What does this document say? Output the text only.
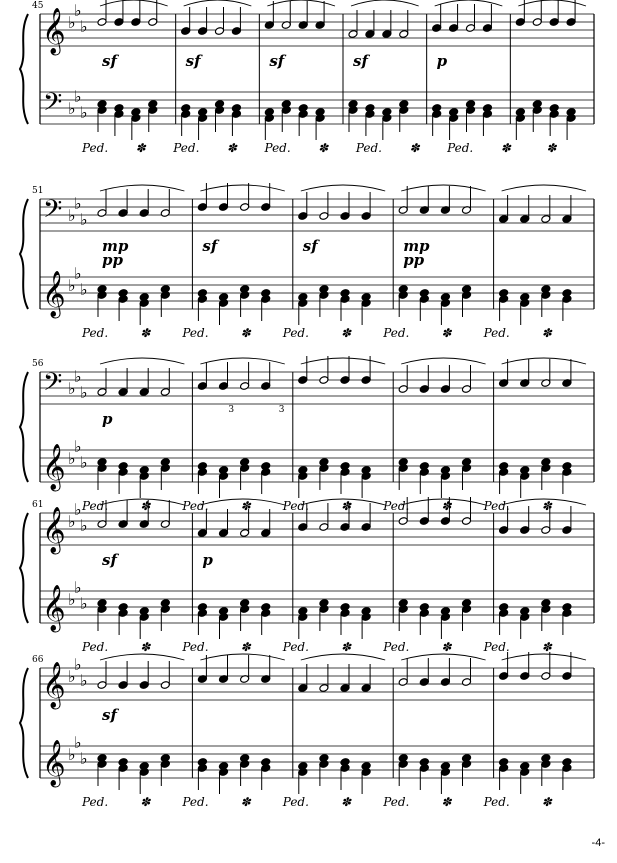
45
𝄞
𝄢
♭
♭
♭
♭
♭
♭
sf	sf	sf	sf	p
Ped. ✽ Ped. ✽ Ped. ✽ Ped. ✽ Ped. ✽	✽
51
𝄢
𝄞
♭
♭
♭
♭
♭
♭
mp	sf	sf	mp
pp	pp
Ped.	✽	Ped.	✽	Ped.	✽	Ped.	✽	Ped.	✽
56
𝄢
𝄞
♭
♭
♭
♭
♭
♭
p	3	3
Ped.	✽	Ped.	✽	Ped.	✽	Ped.	✽	Ped.	✽
61
𝄞
𝄞
♭
♭
♭
♭
♭
♭
sf	p
Ped.	✽	Ped.	✽	Ped.	✽	Ped.	✽	Ped.	✽
66
𝄞
𝄞
♭
♭
♭
♭
♭
♭
sf
Ped.	✽	Ped.	✽	Ped.	✽	Ped.	✽	Ped.	✽
-4-
